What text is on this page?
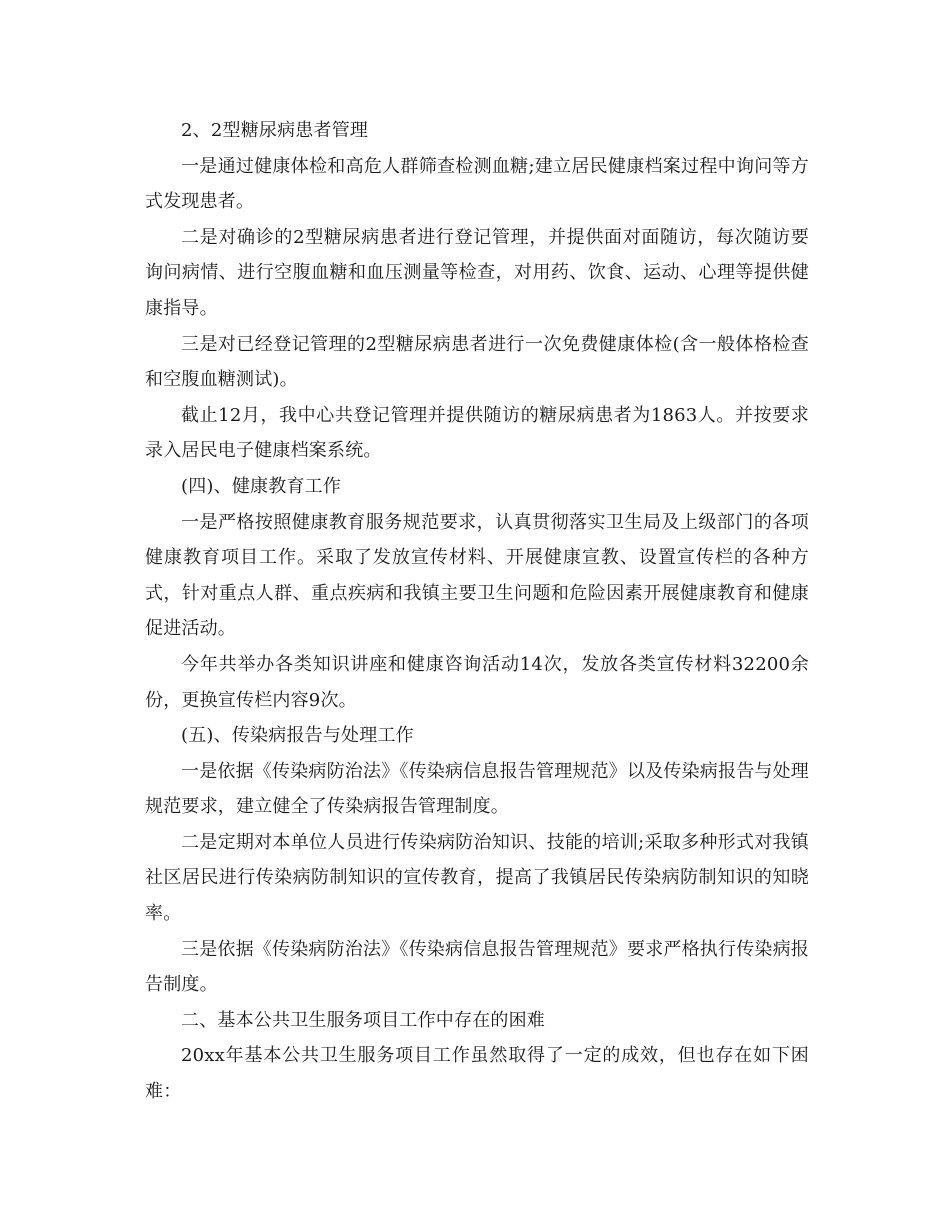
2、2型糖尿病患者管理

一是通过健康体检和高危人群筛查检测血糖;建立居民健康档案过程中询问等方式发现患者。

二是对确诊的2型糖尿病患者进行登记管理，并提供面对面随访，每次随访要询问病情、进行空腹血糖和血压测量等检查，对用药、饮食、运动、心理等提供健康指导。

三是对已经登记管理的2型糖尿病患者进行一次免费健康体检(含一般体格检查和空腹血糖测试)。

截止12月，我中心共登记管理并提供随访的糖尿病患者为1863人。并按要求录入居民电子健康档案系统。

(四)、健康教育工作

一是严格按照健康教育服务规范要求，认真贯彻落实卫生局及上级部门的各项健康教育项目工作。采取了发放宣传材料、开展健康宣教、设置宣传栏的各种方式，针对重点人群、重点疾病和我镇主要卫生问题和危险因素开展健康教育和健康促进活动。

今年共举办各类知识讲座和健康咨询活动14次，发放各类宣传材料32200余份，更换宣传栏内容9次。

(五)、传染病报告与处理工作

一是依据《传染病防治法》《传染病信息报告管理规范》以及传染病报告与处理规范要求，建立健全了传染病报告管理制度。

二是定期对本单位人员进行传染病防治知识、技能的培训;采取多种形式对我镇社区居民进行传染病防制知识的宣传教育，提高了我镇居民传染病防制知识的知晓率。

三是依据《传染病防治法》《传染病信息报告管理规范》要求严格执行传染病报告制度。

二、基本公共卫生服务项目工作中存在的困难

20xx年基本公共卫生服务项目工作虽然取得了一定的成效，但也存在如下困难：
